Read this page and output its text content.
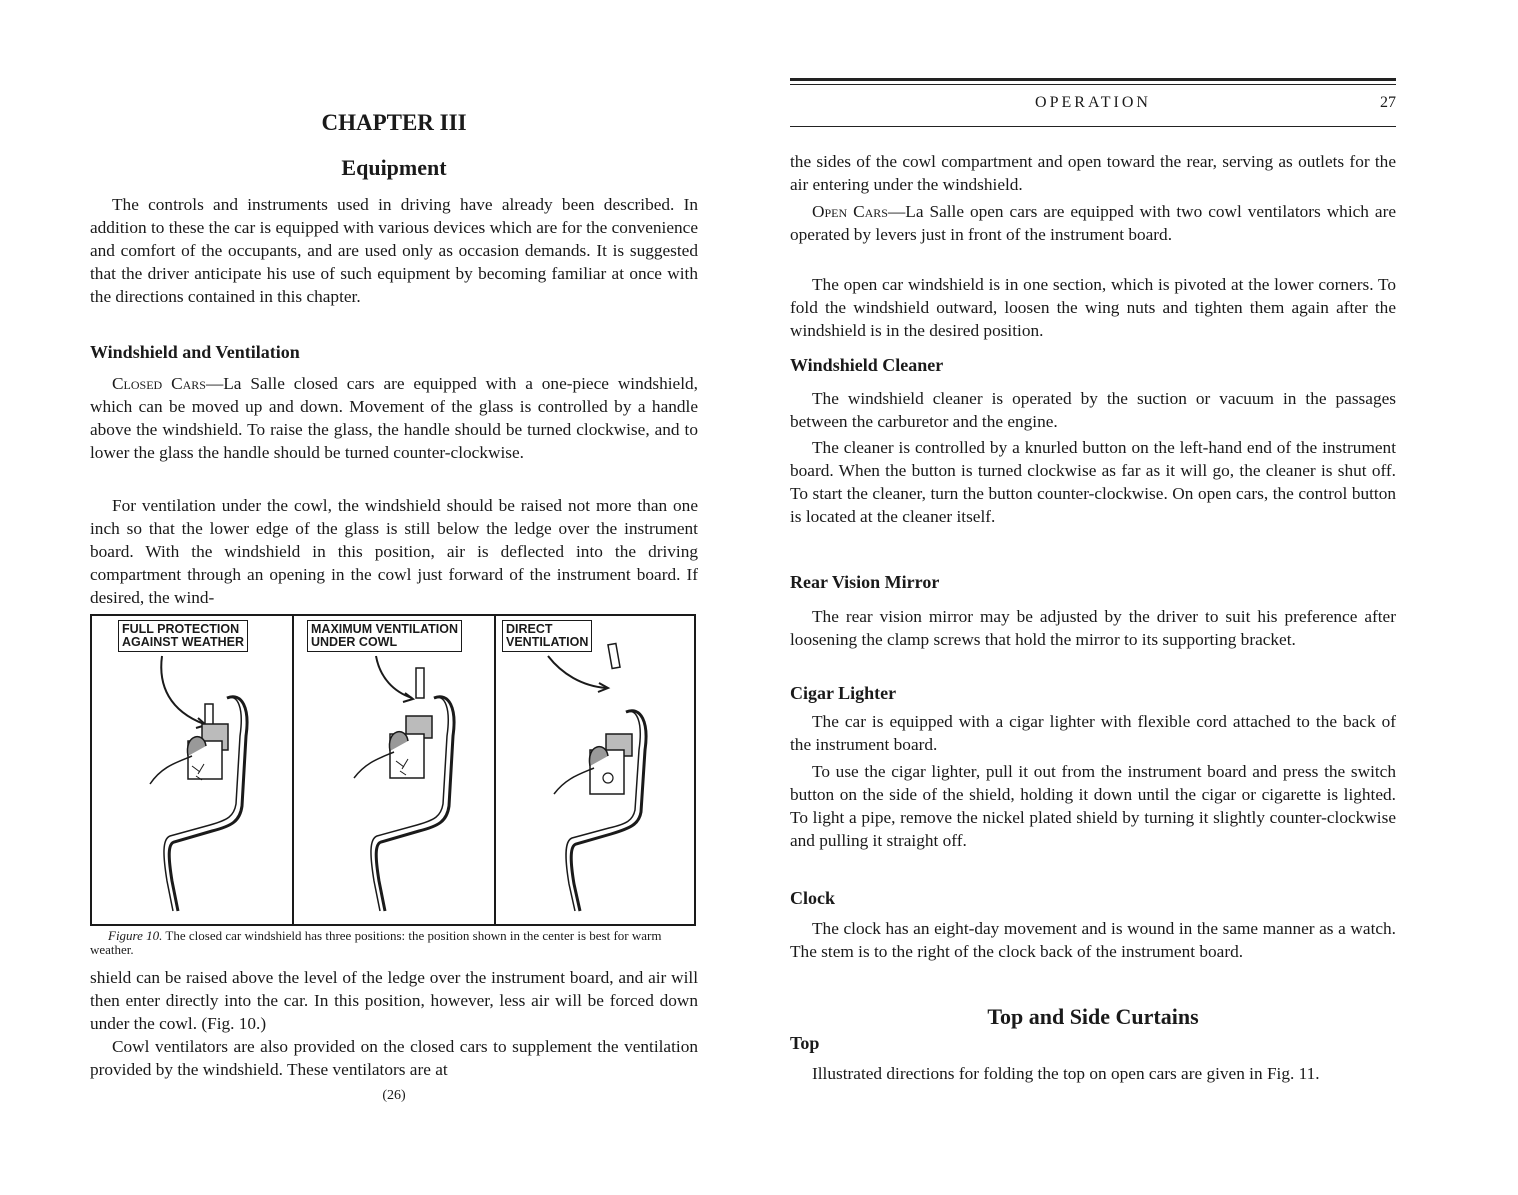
CHAPTER III
Equipment

The controls and instruments used in driving have already been described. In addition to these the car is equipped with various devices which are for the convenience and comfort of the occupants, and are used only as occasion demands. It is suggested that the driver anticipate his use of such equipment by becoming familiar at once with the directions contained in this chapter.

Windshield and Ventilation

Closed Cars—La Salle closed cars are equipped with a one-piece windshield, which can be moved up and down. Movement of the glass is controlled by a handle above the windshield. To raise the glass, the handle should be turned clockwise, and to lower the glass the handle should be turned counter-clockwise.

For ventilation under the cowl, the windshield should be raised not more than one inch so that the lower edge of the glass is still below the ledge over the instrument board. With the windshield in this position, air is deflected into the driving compartment through an opening in the cowl just forward of the instrument board. If desired, the wind-

FULL PROTECTION
AGAINST WEATHER
MAXIMUM VENTILATION
UNDER COWL
DIRECT
VENTILATION
Figure 10. The closed car windshield has three positions: the position shown in the center is best for warm weather.

shield can be raised above the level of the ledge over the instrument board, and air will then enter directly into the car. In this position, however, less air will be forced down under the cowl. (Fig. 10.)

Cowl ventilators are also provided on the closed cars to supplement the ventilation provided by the windshield. These ventilators are at

(26)
OPERATION	27

the sides of the cowl compartment and open toward the rear, serving as outlets for the air entering under the windshield.

Open Cars—La Salle open cars are equipped with two cowl ventilators which are operated by levers just in front of the instrument board.

The open car windshield is in one section, which is pivoted at the lower corners. To fold the windshield outward, loosen the wing nuts and tighten them again after the windshield is in the desired position.

Windshield Cleaner

The windshield cleaner is operated by the suction or vacuum in the passages between the carburetor and the engine.

The cleaner is controlled by a knurled button on the left-hand end of the instrument board. When the button is turned clockwise as far as it will go, the cleaner is shut off. To start the cleaner, turn the button counter-clockwise. On open cars, the control button is located at the cleaner itself.

Rear Vision Mirror

The rear vision mirror may be adjusted by the driver to suit his preference after loosening the clamp screws that hold the mirror to its supporting bracket.

Cigar Lighter

The car is equipped with a cigar lighter with flexible cord attached to the back of the instrument board.

To use the cigar lighter, pull it out from the instrument board and press the switch button on the side of the shield, holding it down until the cigar or cigarette is lighted. To light a pipe, remove the nickel plated shield by turning it slightly counter-clockwise and pulling it straight off.

Clock

The clock has an eight-day movement and is wound in the same manner as a watch. The stem is to the right of the clock back of the instrument board.

Top and Side Curtains
Top

Illustrated directions for folding the top on open cars are given in Fig. 11.
